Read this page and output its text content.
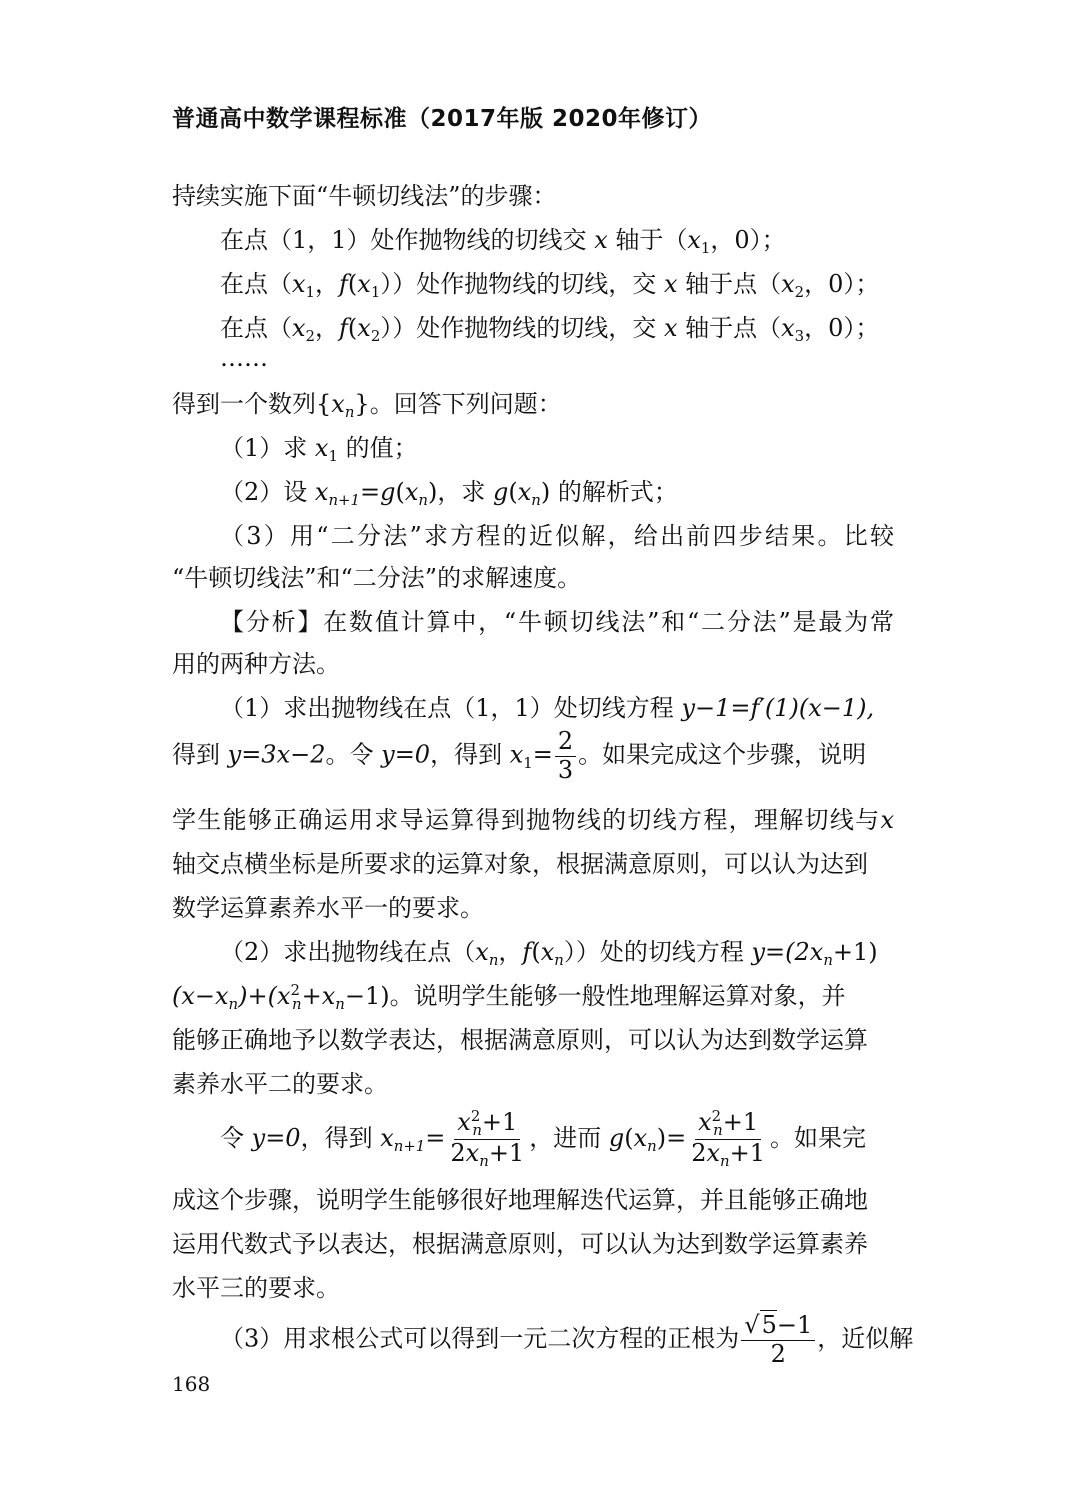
普通高中数学课程标准（2017年版 2020年修订）
持续实施下面“牛顿切线法”的步骤：
在点（1，1）处作抛物线的切线交 x 轴于（$x_1$，0）；
在点（$x_1$，$f(x_1)$）处作抛物线的切线，交 x 轴于点（$x_2$，0）；
在点（$x_2$，$f(x_2)$）处作抛物线的切线，交 x 轴于点（$x_3$，0）；
……
得到一个数列$\{x_n\}$。回答下列问题：
（1）求 $x_1$ 的值；
（2）设 $x_{n+1}=g(x_n)$，求 $g(x_n)$ 的解析式；
（3）用“二分法”求方程的近似解，给出前四步结果。比较
“牛顿切线法”和“二分法”的求解速度。
【分析】在数值计算中，“牛顿切线法”和“二分法”是最为常
用的两种方法。
（1）求出抛物线在点（1，1）处切线方程 y−1=f′(1)(x−1),
得到 y=3x−2。令 y=0，得到 $x_1= \frac{2}{3}$ 。如果完成这个步骤，说明
学生能够正确运用求导运算得到抛物线的切线方程，理解切线与x
轴交点横坐标是所要求的运算对象，根据满意原则，可以认为达到
数学运算素养水平一的要求。
（2）求出抛物线在点（$x_n$，$f(x_n)$）处的切线方程 $y=(2x_n+1)$
$(x-x_n)+(x^2_n+x_n-1)$。说明学生能够一般性地理解运算对象，并
能够正确地予以数学表达，根据满意原则，可以认为达到数学运算
素养水平二的要求。
令 y=0，得到 $x_{n+1}= \frac{x^2_n+1}{2x_n+1}$ ，进而 $g(x_n)= \frac{x^2_n+1}{2x_n+1}$ 。如果完
成这个步骤，说明学生能够很好地理解迭代运算，并且能够正确地
运用代数式予以表达，根据满意原则，可以认为达到数学运算素养
水平三的要求。
（3）用求根公式可以得到一元二次方程的正根为 $\frac{√5-1}{2}$ ，近似解
168
